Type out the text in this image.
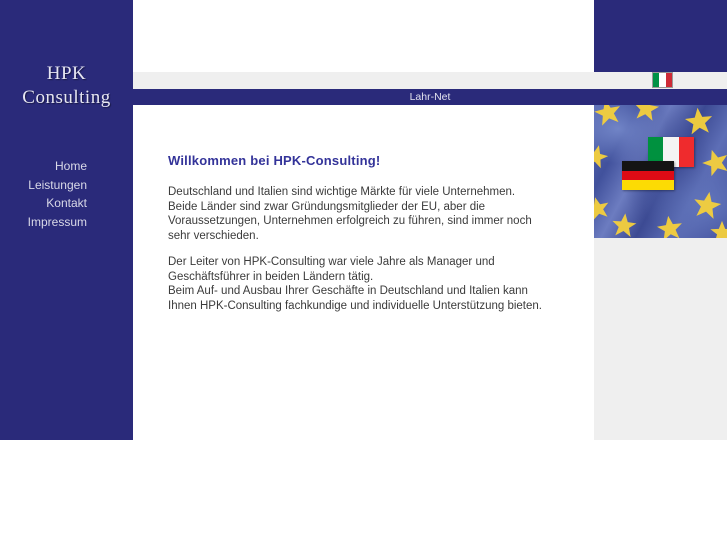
HPK
Consulting
Home
Leistungen
Kontakt
Impressum
Lahr-Net
Willkommen bei HPK-Consulting!

Deutschland und Italien sind wichtige Märkte für viele Unternehmen.
Beide Länder sind zwar Gründungsmitglieder der EU, aber die
Voraussetzungen, Unternehmen erfolgreich zu führen, sind immer noch
sehr verschieden.

Der Leiter von HPK-Consulting war viele Jahre als Manager und
Geschäftsführer in beiden Ländern tätig.
Beim Auf- und Ausbau Ihrer Geschäfte in Deutschland und Italien kann
Ihnen HPK-Consulting fachkundige und individuelle Unterstützung bieten.
